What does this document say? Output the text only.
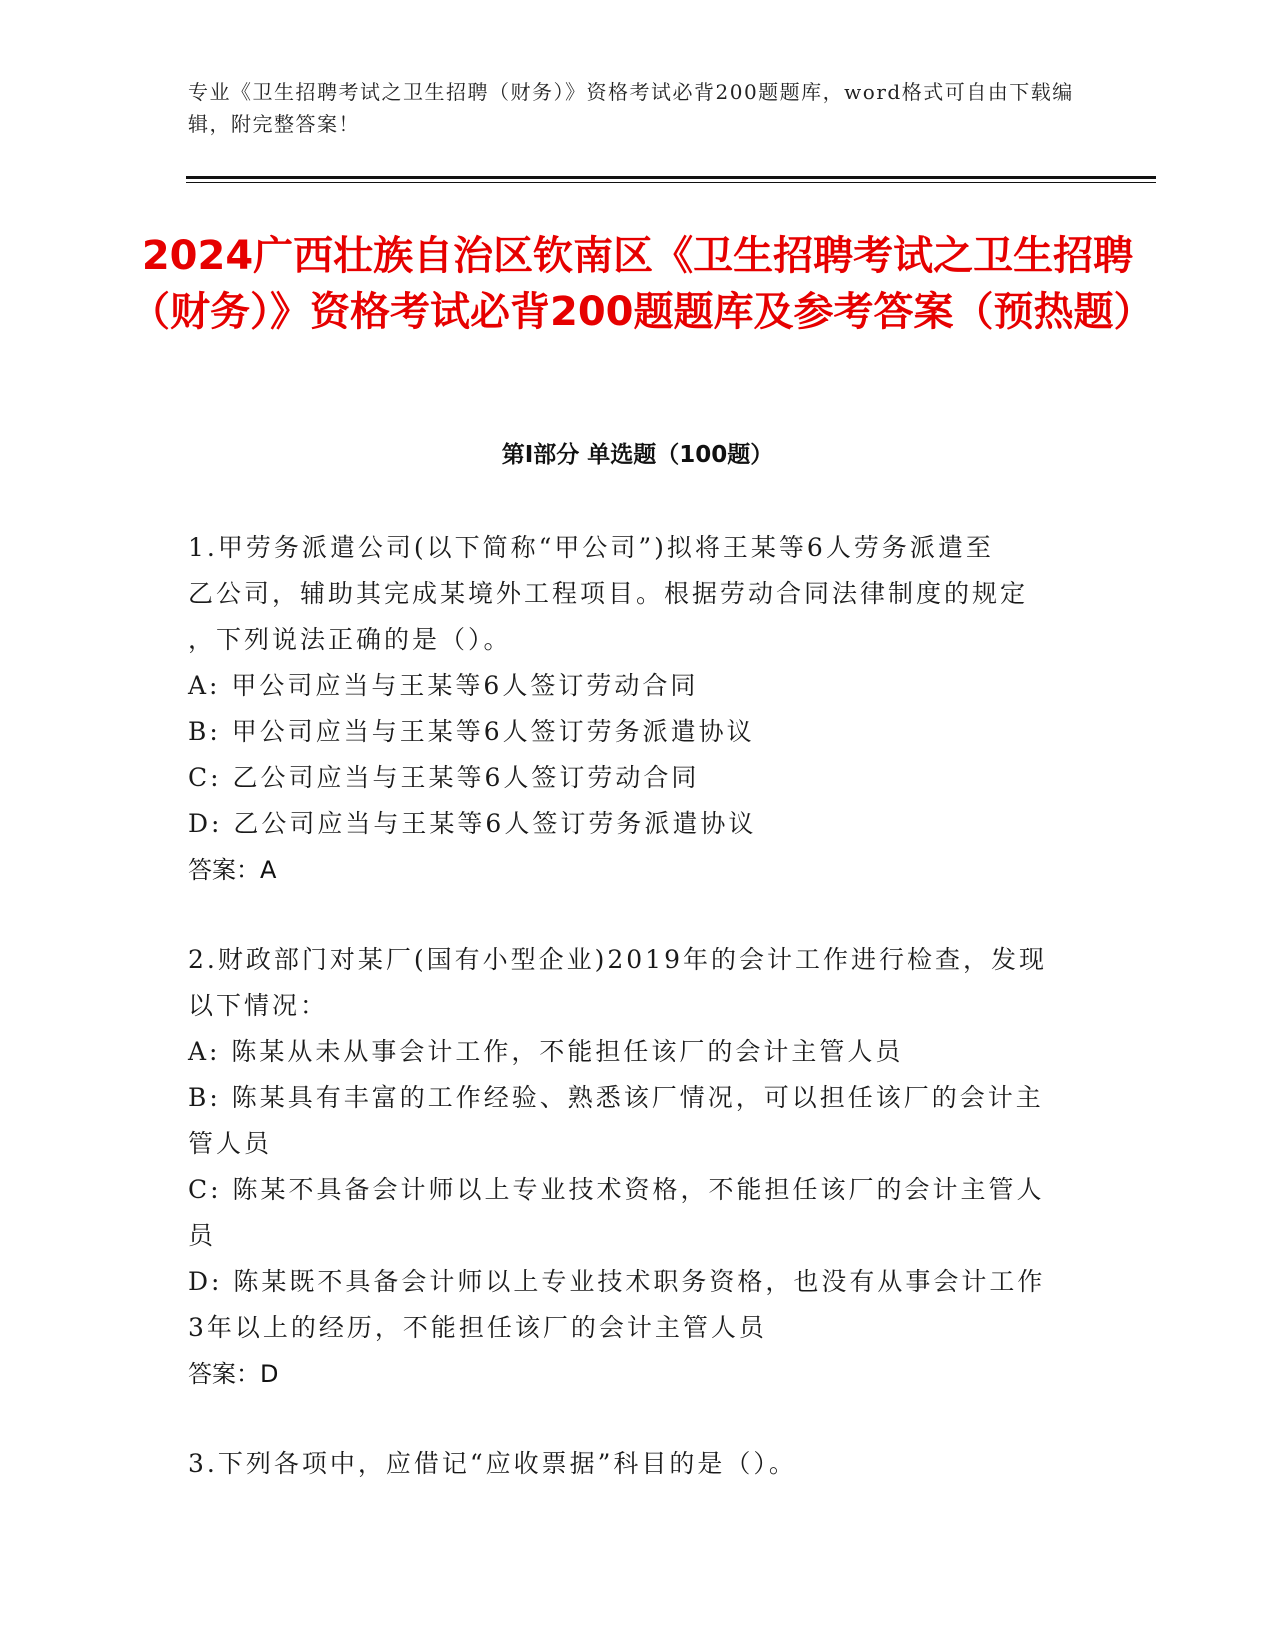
专业《卫生招聘考试之卫生招聘（财务）》资格考试必背200题题库，word格式可自由下载编辑，附完整答案！
2024广西壮族自治区钦南区《卫生招聘考试之卫生招聘（财务）》资格考试必背200题题库及参考答案（预热题）
第I部分 单选题（100题）
1.甲劳务派遣公司(以下简称“甲公司”)拟将王某等6人劳务派遣至
乙公司，辅助其完成某境外工程项目。根据劳动合同法律制度的规定
，下列说法正确的是（）。
A: 甲公司应当与王某等6人签订劳动合同
B: 甲公司应当与王某等6人签订劳务派遣协议
C: 乙公司应当与王某等6人签订劳动合同
D: 乙公司应当与王某等6人签订劳务派遣协议
答案：A
2.财政部门对某厂(国有小型企业)2019年的会计工作进行检查，发现
以下情况：
A: 陈某从未从事会计工作，不能担任该厂的会计主管人员
B: 陈某具有丰富的工作经验、熟悉该厂情况，可以担任该厂的会计主
管人员
C: 陈某不具备会计师以上专业技术资格，不能担任该厂的会计主管人
员
D: 陈某既不具备会计师以上专业技术职务资格，也没有从事会计工作
3年以上的经历，不能担任该厂的会计主管人员
答案：D
3.下列各项中，应借记“应收票据”科目的是（）。
